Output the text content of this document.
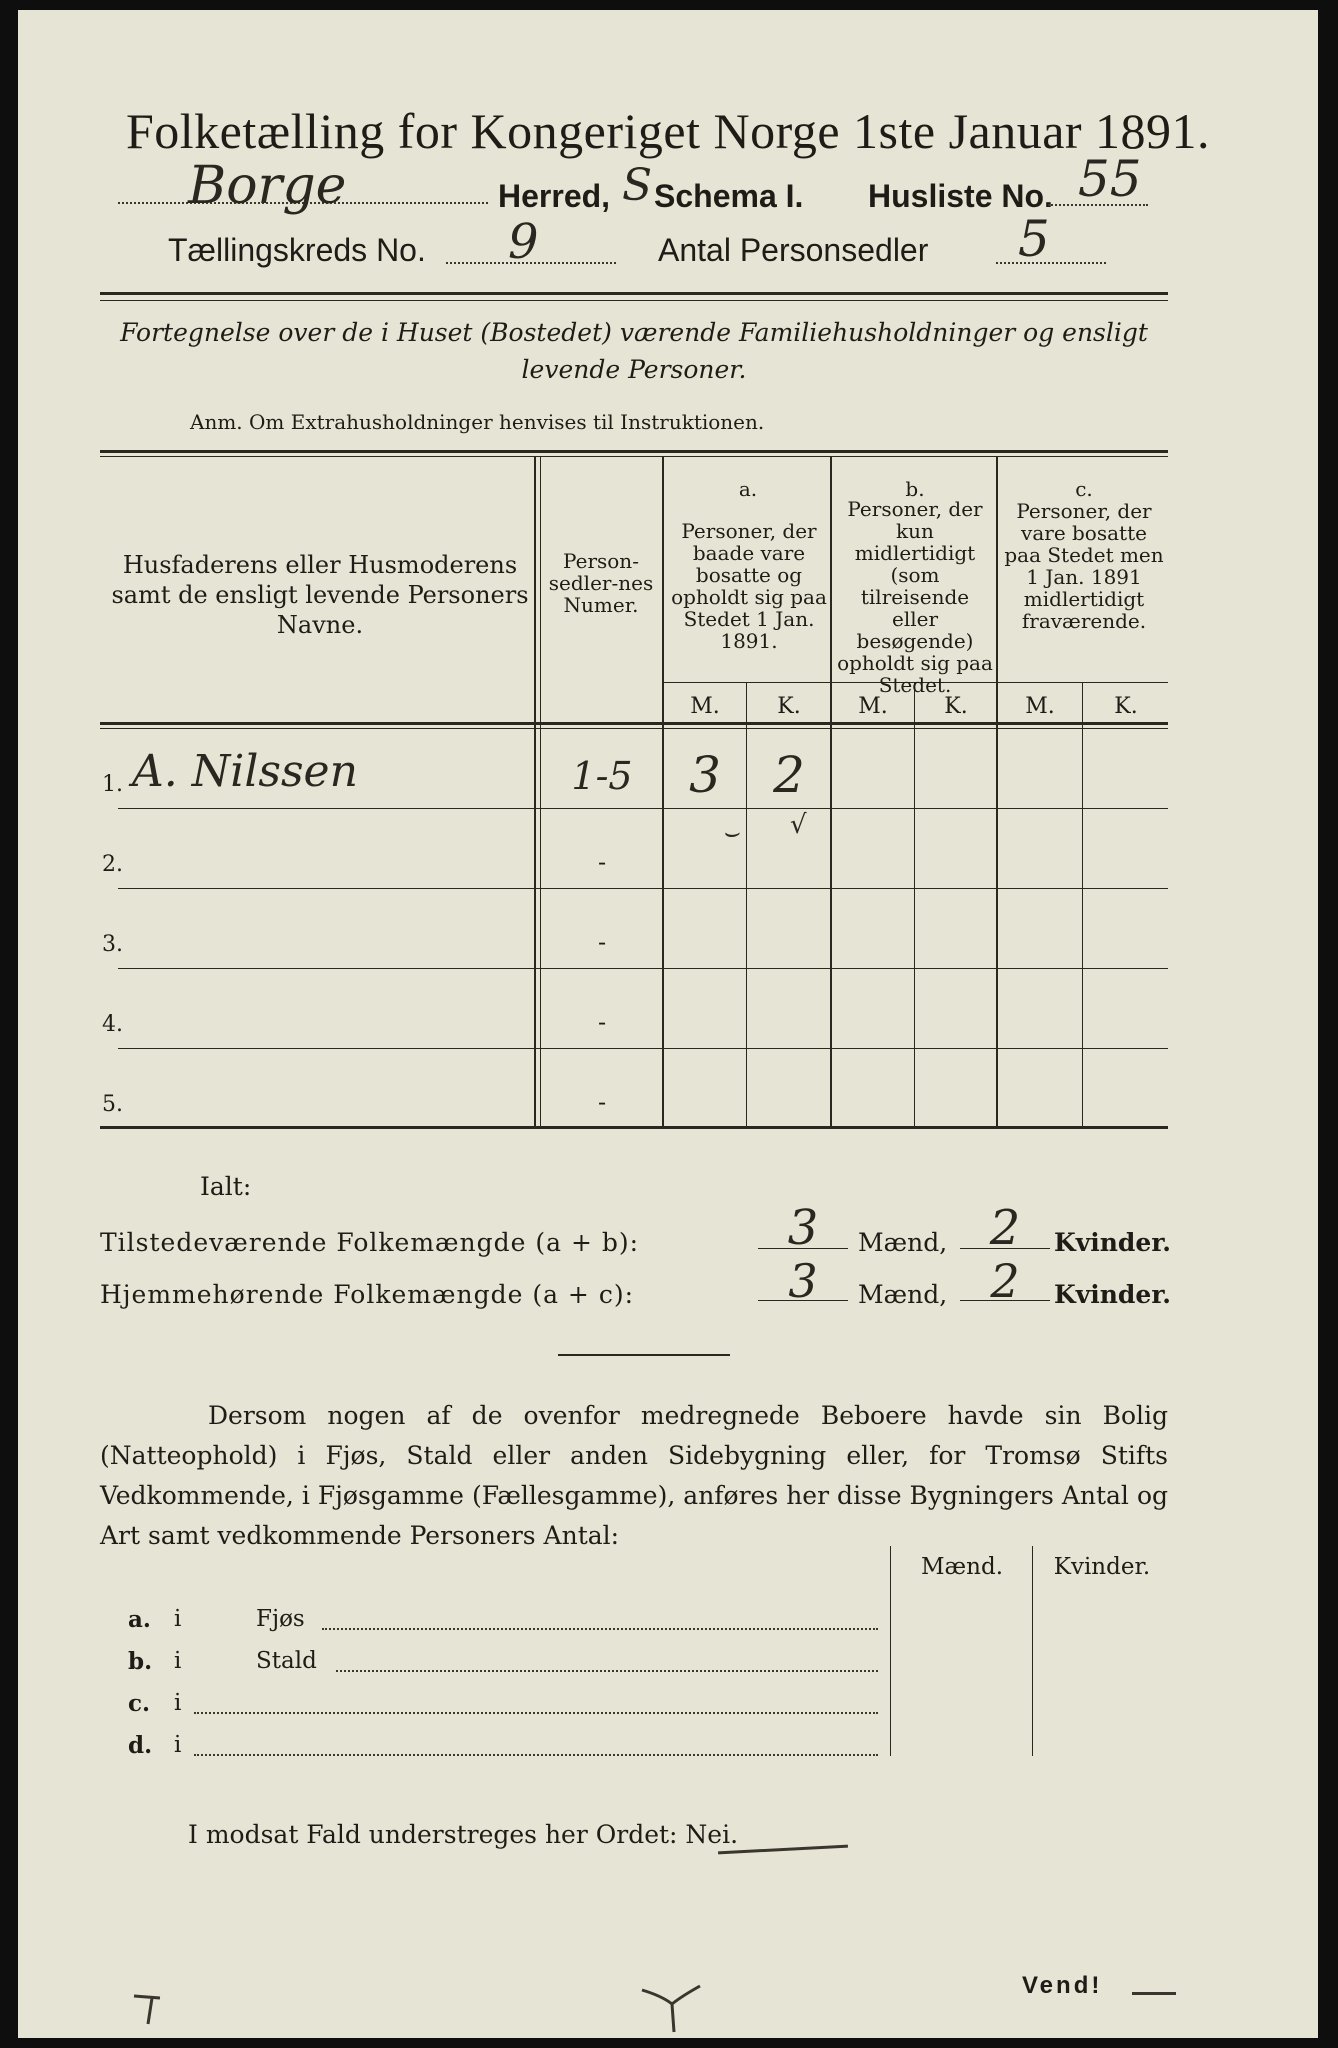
Folketælling for Kongeriget Norge 1ste Januar 1891.
Borge	Herred, S Schema I. Husliste No. 55
Tællingskreds No. 9	Antal Personsedler 5
Fortegnelse over de i Huset (Bostedet) værende Familiehusholdninger og ensligt
levende Personer.
Anm. Om Extrahusholdninger henvises til Instruktionen.
Husfaderens eller Husmoderens samt de ensligt levende Personers Navne.
Person-sedler-nes Numer.
a.
Personer, der baade vare bosatte og opholdt sig paa Stedet 1 Jan. 1891.
b.
Personer, der kun midlertidigt (som tilreisende eller besøgende) opholdt sig paa Stedet.
c.
Personer, der vare bosatte paa Stedet men 1 Jan. 1891 midlertidigt fraværende.
M.	K.	M.	K.	M.	K.
1. A. Nilssen	1-5	3	2
⌣ √
2.	-
3.	-
4.	-
5.	-
Ialt:
Tilstedeværende Folkemængde (a + b):	3	Mænd, 2	Kvinder.
Hjemmehørende Folkemængde (a + c):	3	Mænd, 2	Kvinder.
Dersom nogen af de ovenfor medregnede Beboere havde sin Bolig (Natteophold) i Fjøs, Stald eller anden Sidebygning eller, for Tromsø Stifts Vedkommende, i Fjøsgamme (Fællesgamme), anføres her disse Bygningers Antal og Art samt vedkommende Personers Antal:
Mænd.	Kvinder.
a. i	Fjøs
b. i	Stald
c. i
d. i
I modsat Fald understreges her Ordet: Nei.
Vend!
